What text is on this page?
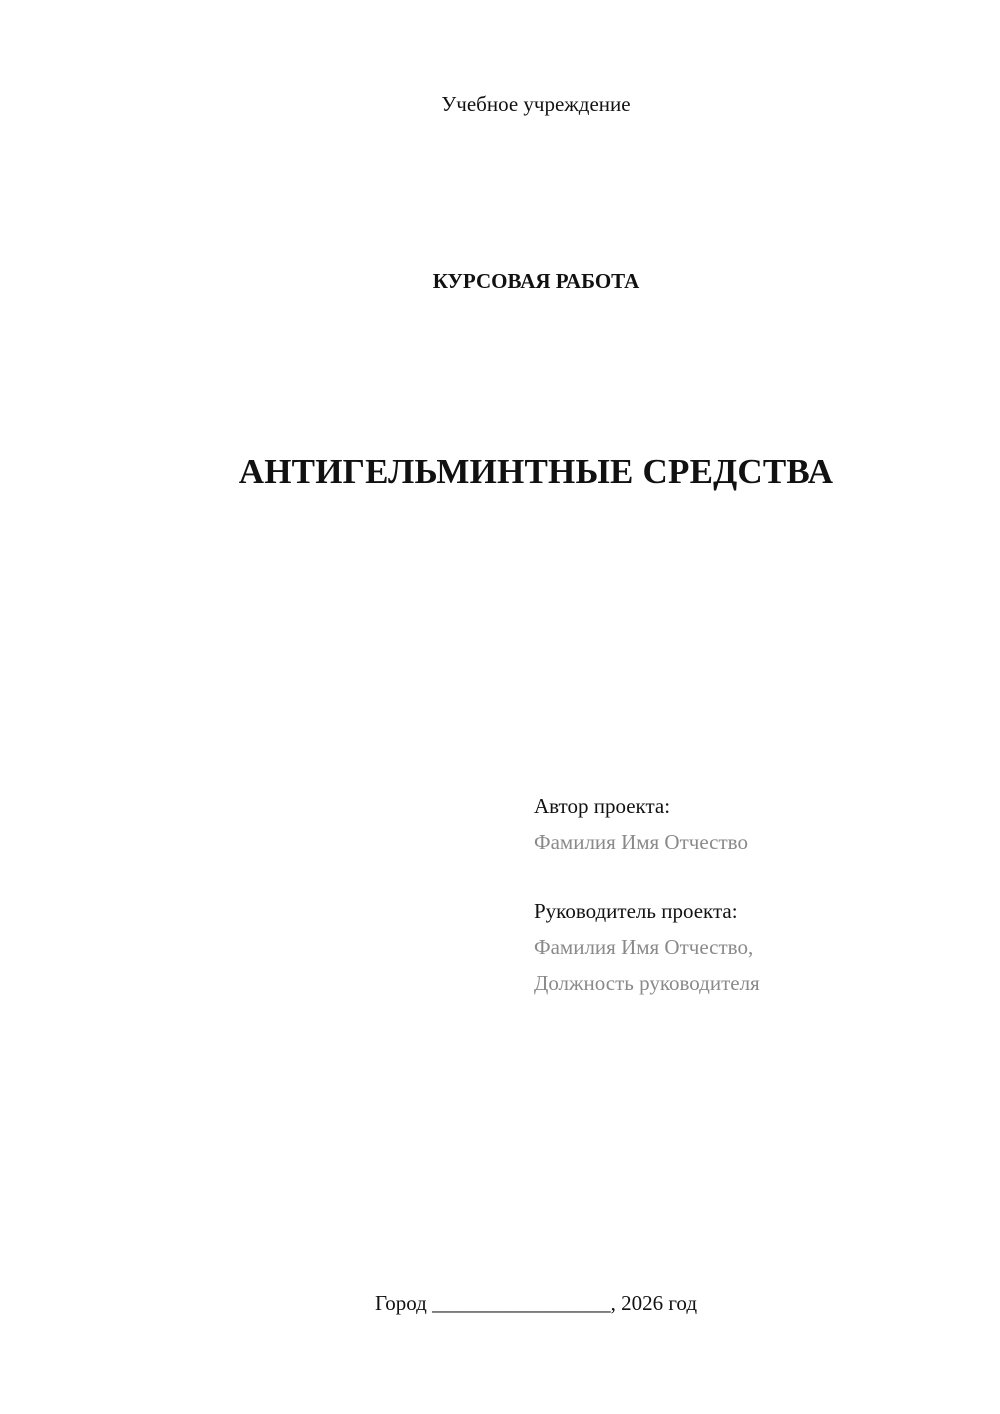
Учебное учреждение
КУРСОВАЯ РАБОТА
АНТИГЕЛЬМИНТНЫЕ СРЕДСТВА
Автор проекта:
Фамилия Имя Отчество
Руководитель проекта:
Фамилия Имя Отчество,
Должность руководителя
Город _________________, 2026 год
